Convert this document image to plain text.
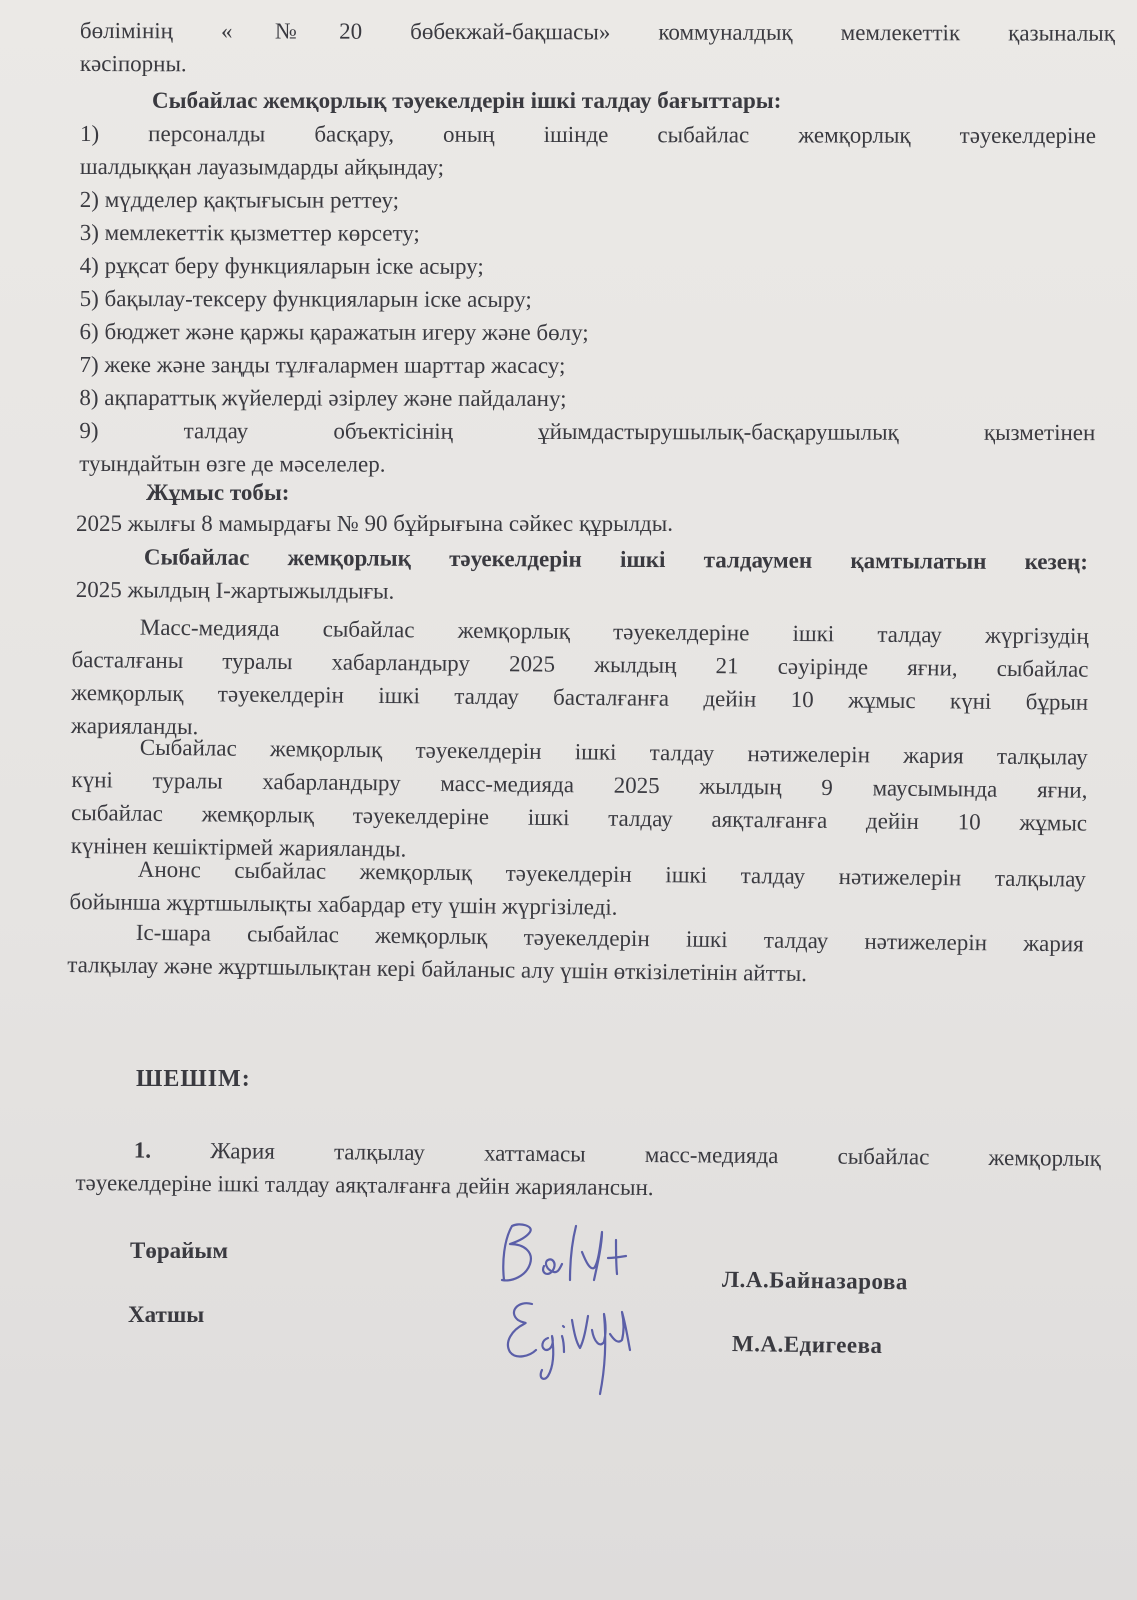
бөлімінің «№20 бөбекжай-бақшасы» коммуналдық мемлекеттік қазыналық
кәсіпорны.
Сыбайлас жемқорлық тәуекелдерін ішкі талдау бағыттары:
1) персоналды басқару, оның ішінде сыбайлас жемқорлық тәуекелдеріне
шалдыққан лауазымдарды айқындау;
2) мүдделер қақтығысын реттеу;
3) мемлекеттік қызметтер көрсету;
4) рұқсат беру функцияларын іске асыру;
5) бақылау-тексеру функцияларын іске асыру;
6) бюджет және қаржы қаражатын игеру және бөлу;
7) жеке және заңды тұлғалармен шарттар жасасу;
8) ақпараттық жүйелерді әзірлеу және пайдалану;
9) талдау объектісінің ұйымдастырушылық-басқарушылық қызметінен
туындайтын өзге де мәселелер.
Жұмыс тобы:
2025 жылғы 8 мамырдағы № 90 бұйрығына сәйкес құрылды.
Сыбайлас жемқорлық тәуекелдерін ішкі талдаумен қамтылатын кезең:
2025 жылдың І-жартыжылдығы.
Масс-медияда сыбайлас жемқорлық тәуекелдеріне ішкі талдау жүргізудің
басталғаны туралы хабарландыру 2025 жылдың 21 сәуірінде яғни, сыбайлас
жемқорлық тәуекелдерін ішкі талдау басталғанға дейін 10 жұмыс күні бұрын
жарияланды.
Сыбайлас жемқорлық тәуекелдерін ішкі талдау нәтижелерін жария талқылау
күні туралы хабарландыру масс-медияда 2025 жылдың 9 маусымында яғни,
сыбайлас жемқорлық тәуекелдеріне ішкі талдау аяқталғанға дейін 10 жұмыс
күнінен кешіктірмей жарияланды.
Анонс сыбайлас жемқорлық тәуекелдерін ішкі талдау нәтижелерін талқылау
бойынша жұртшылықты хабардар ету үшін жүргізіледі.
Іс-шара сыбайлас жемқорлық тәуекелдерін ішкі талдау нәтижелерін жария
талқылау және жұртшылықтан кері байланыс алу үшін өткізілетінін айтты.
ШЕШІМ:
1.	Жария талқылау хаттамасы масс-медияда сыбайлас жемқорлық
тәуекелдеріне ішкі талдау аяқталғанға дейін жариялансын.
Төрайым
Л.А.Байназарова
Хатшы
М.А.Едигеева
